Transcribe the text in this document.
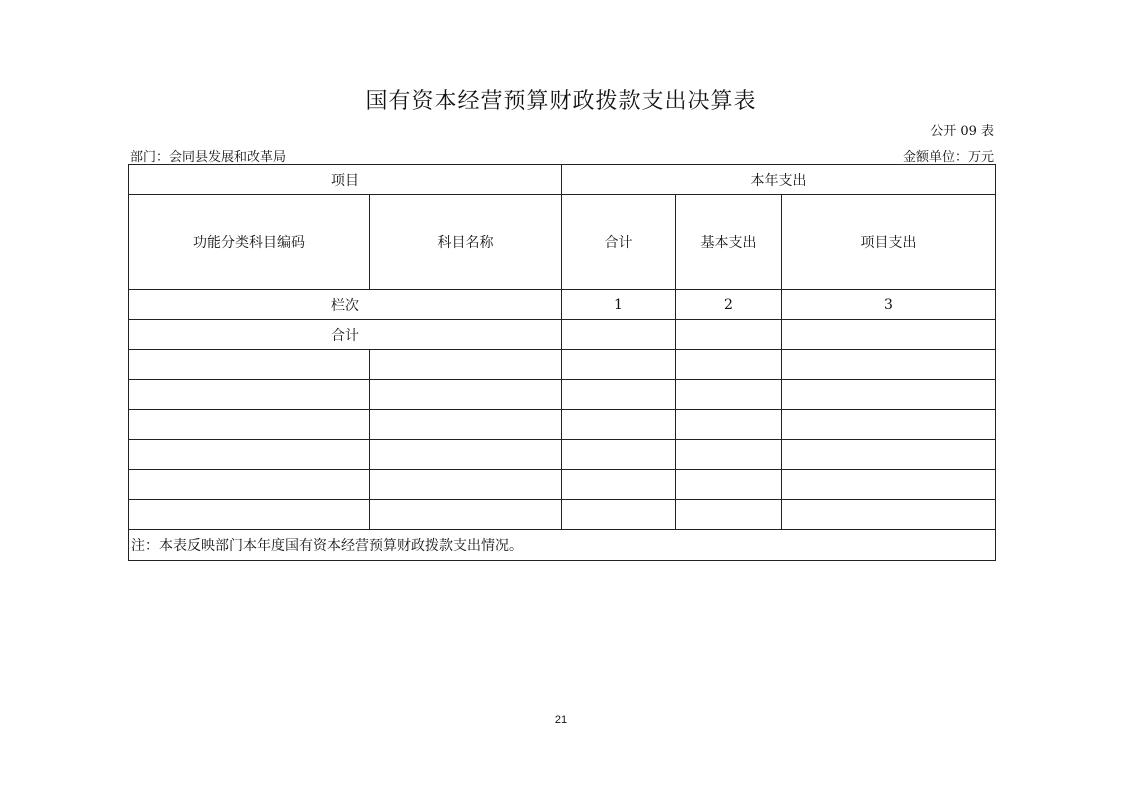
国有资本经营预算财政拨款支出决算表
公开 09 表
部门：会同县发展和改革局	金额单位：万元
项目		本年支出		
功能分类科目编码	科目名称	合计	基本支出	项目支出
栏次		1	2	3
合计				

注：本表反映部门本年度国有资本经营预算财政拨款支出情况。				
21
